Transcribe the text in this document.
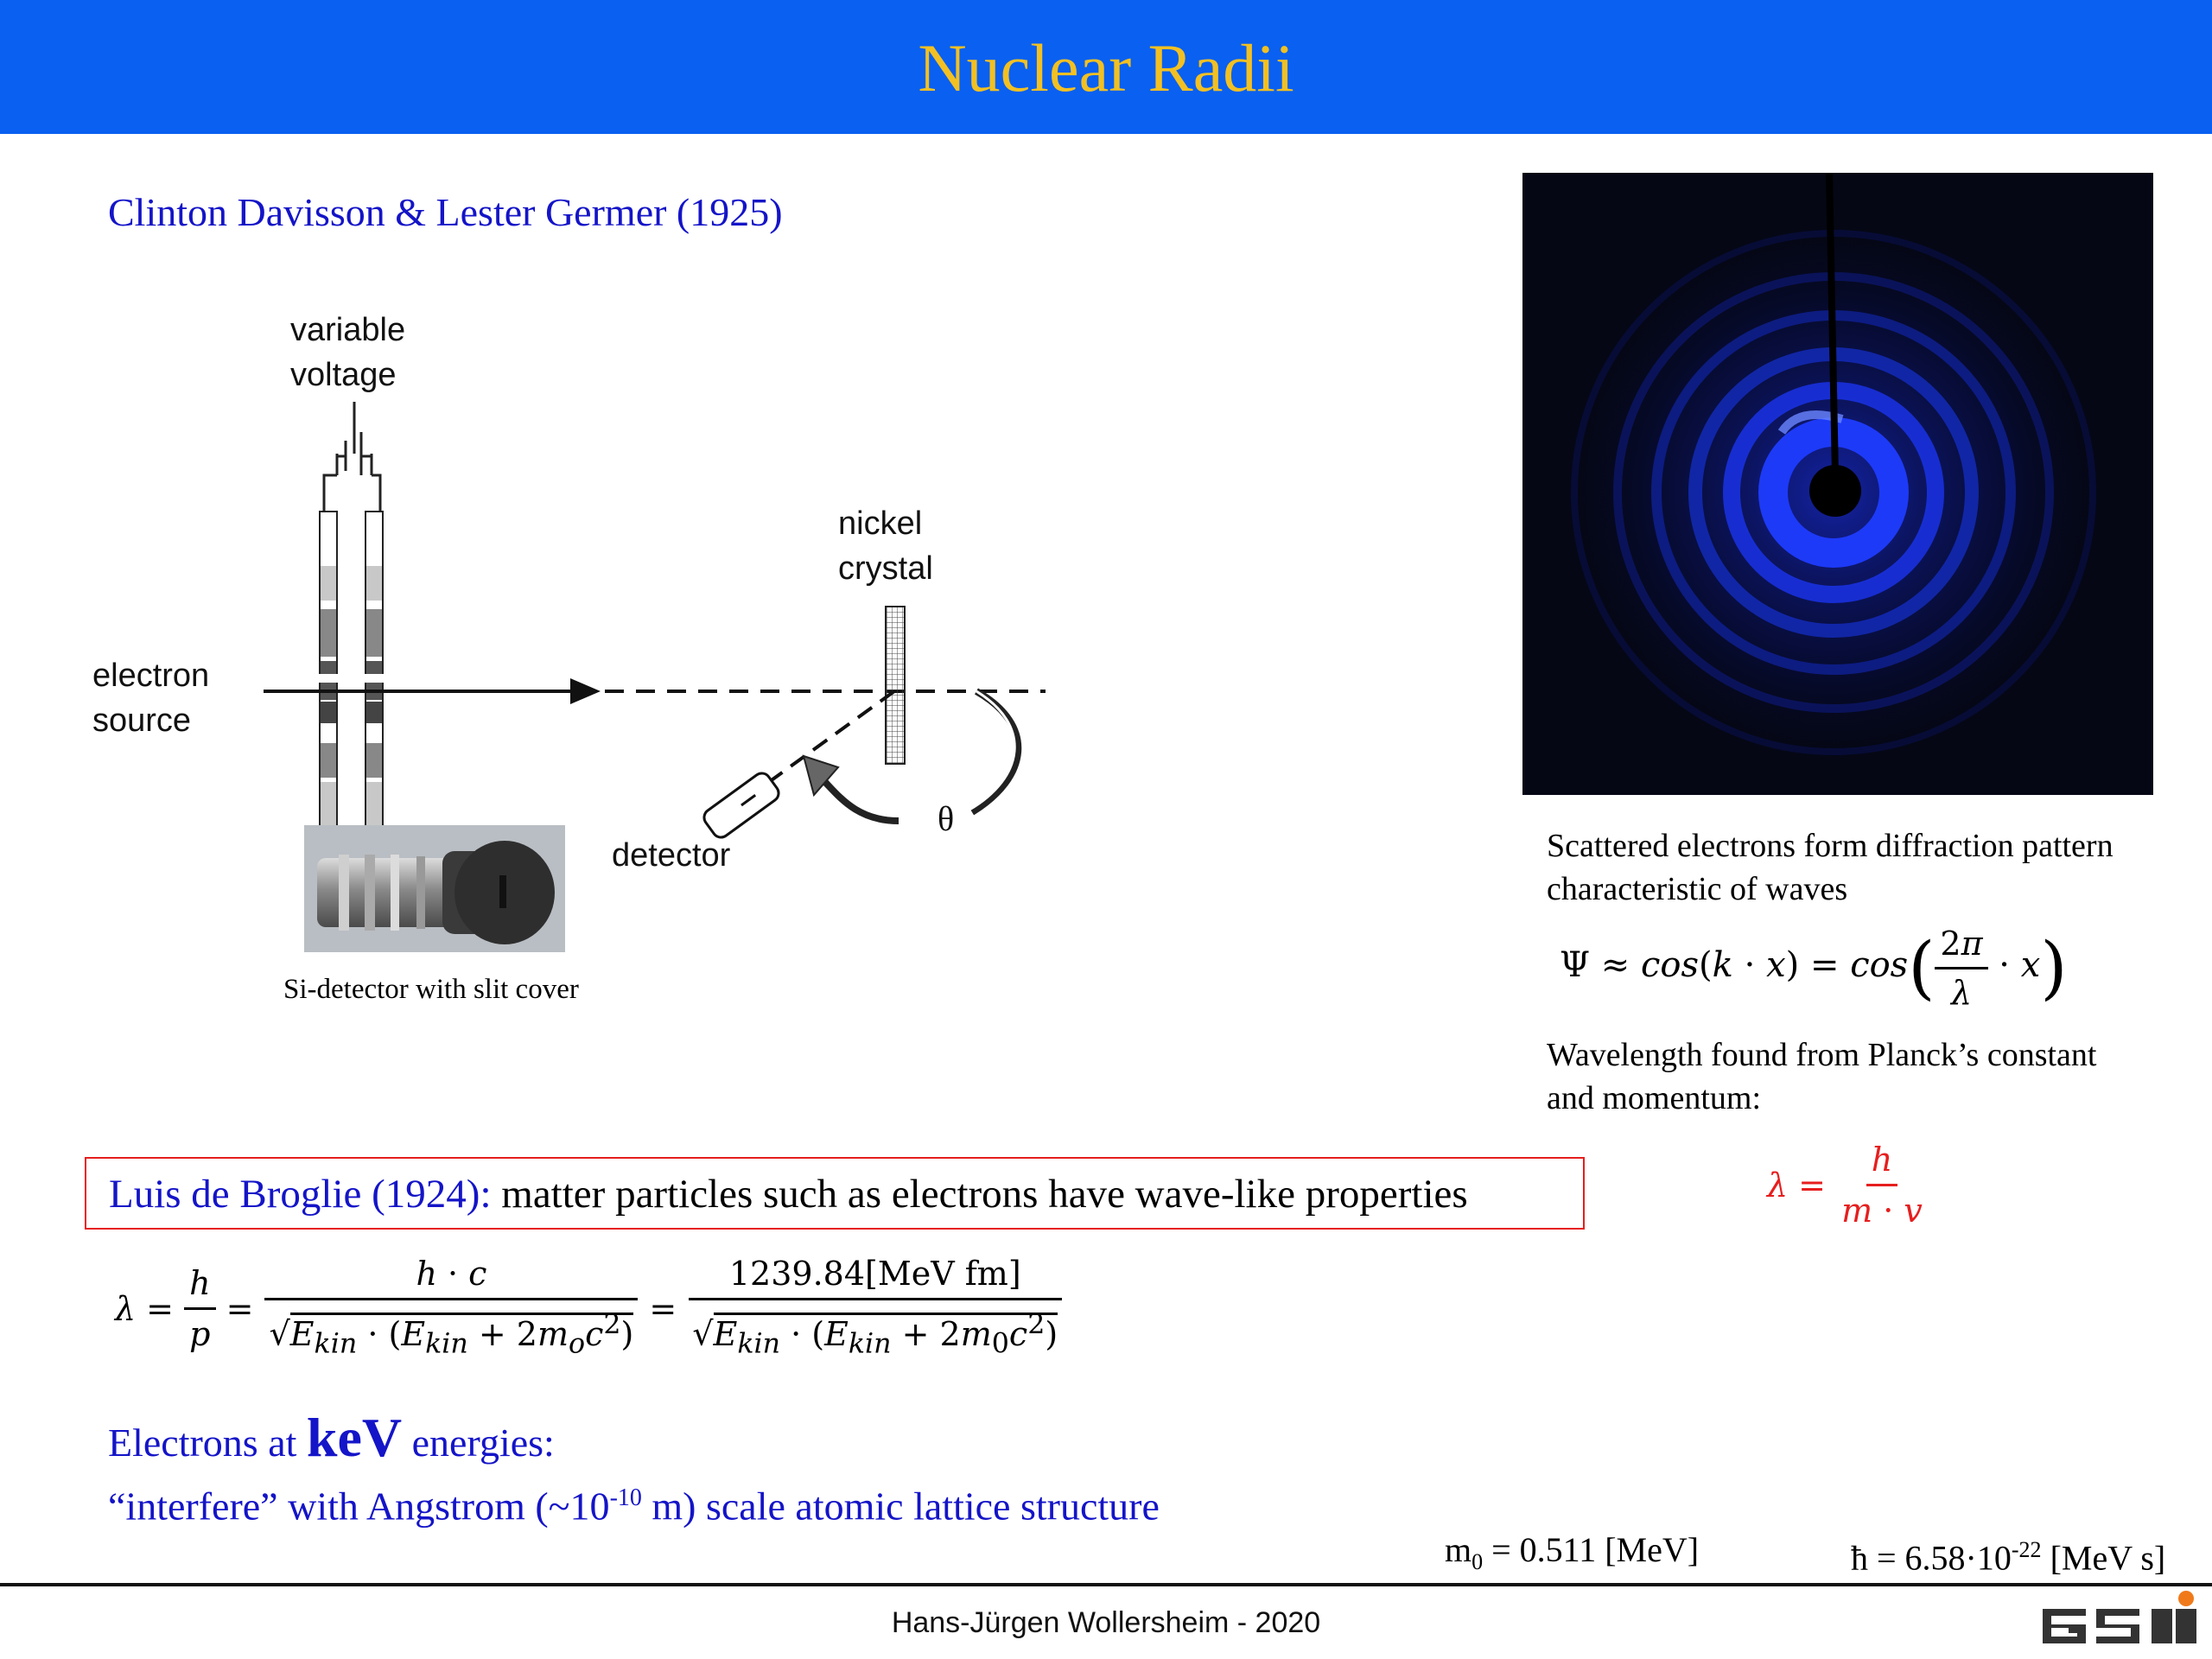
Nuclear Radii
Clinton Davisson & Lester Germer (1925)
variable
voltage
electron
source
nickel
crystal
detector
θ
Si-detector with slit cover
Scattered electrons form diffraction pattern
characteristic of waves
$\Psi \approx \cos(k \cdot x) = \cos( \frac{2\pi}{\lambda} \cdot x)$
Wavelength found from Planck’s constant
and momentum:
$\lambda = \frac{h}{m \cdot v}$
Luis de Broglie (1924): matter particles such as electrons have wave-like properties
$\lambda = \frac{h}{p} = \frac{h \cdot c}{√E_{kin} \cdot (E_{kin} + 2m_oc^2)} = \frac{\text{1239.84[MeV fm]}}{√E_{kin} \cdot (E_{kin} + 2m_0c^2)}$
Electrons at keV energies:
“interfere” with Angstrom ($\sim 10^{-10}$ m) scale atomic lattice structure
$m_0 = 0.511$ [MeV]	ħ = $6.58\cdot 10^{-22}$ [MeV s]
Hans-Jürgen Wollersheim - 2020
